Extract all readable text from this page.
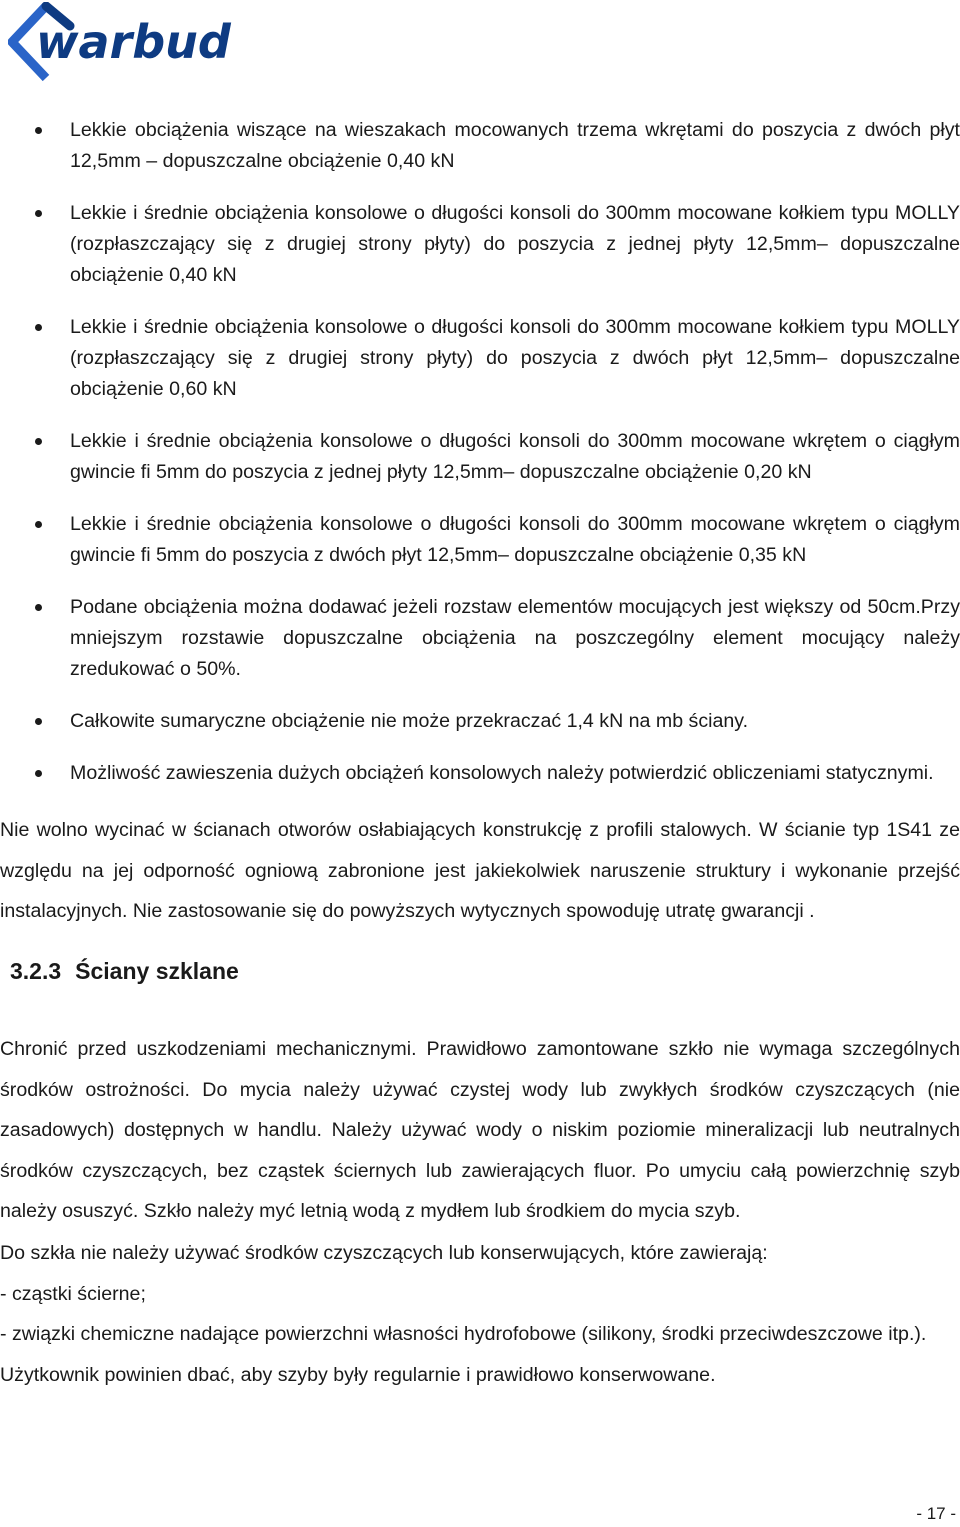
warbud
Lekkie obciążenia wiszące na wieszakach mocowanych trzema wkrętami do poszycia z dwóch płyt 12,5mm – dopuszczalne obciążenie 0,40 kN
Lekkie i średnie obciążenia konsolowe o długości konsoli do 300mm mocowane kołkiem typu MOLLY (rozpłaszczający się z drugiej strony płyty) do poszycia z jednej płyty 12,5mm– dopuszczalne obciążenie 0,40 kN
Lekkie i średnie obciążenia konsolowe o długości konsoli do 300mm mocowane kołkiem typu MOLLY (rozpłaszczający się z drugiej strony płyty) do poszycia z dwóch płyt 12,5mm– dopuszczalne obciążenie 0,60 kN
Lekkie i średnie obciążenia konsolowe o długości konsoli do 300mm mocowane wkrętem o ciągłym gwincie fi 5mm do poszycia z jednej płyty 12,5mm– dopuszczalne obciążenie 0,20 kN
Lekkie i średnie obciążenia konsolowe o długości konsoli do 300mm mocowane wkrętem o ciągłym gwincie fi 5mm do poszycia z dwóch płyt 12,5mm– dopuszczalne obciążenie 0,35 kN
Podane obciążenia można dodawać jeżeli rozstaw elementów mocujących jest większy od 50cm.Przy mniejszym rozstawie dopuszczalne obciążenia na poszczególny element mocujący należy zredukować o 50%.
Całkowite sumaryczne obciążenie nie może przekraczać 1,4 kN na mb ściany.
Możliwość zawieszenia dużych obciążeń konsolowych należy potwierdzić obliczeniami statycznymi.

Nie wolno wycinać w ścianach otworów osłabiających konstrukcję z profili stalowych. W ścianie typ 1S41 ze względu na jej odporność ogniową zabronione jest jakiekolwiek naruszenie struktury i wykonanie przejść instalacyjnych. Nie zastosowanie się do powyższych wytycznych spowoduję utratę gwarancji .

3.2.3 Ściany szklane

Chronić przed uszkodzeniami mechanicznymi. Prawidłowo zamontowane szkło nie wymaga szczególnych środków ostrożności. Do mycia należy używać czystej wody lub zwykłych środków czyszczących (nie zasadowych) dostępnych w handlu. Należy używać wody o niskim poziomie mineralizacji lub neutralnych środków czyszczących, bez cząstek ściernych lub zawierających fluor. Po umyciu całą powierzchnię szyb należy osuszyć. Szkło należy myć letnią wodą z mydłem lub środkiem do mycia szyb.

Do szkła nie należy używać środków czyszczących lub konserwujących, które zawierają:
- cząstki ścierne;
- związki chemiczne nadające powierzchni własności hydrofobowe (silikony, środki przeciwdeszczowe itp.).
Użytkownik powinien dbać, aby szyby były regularnie i prawidłowo konserwowane.
- 17 -
